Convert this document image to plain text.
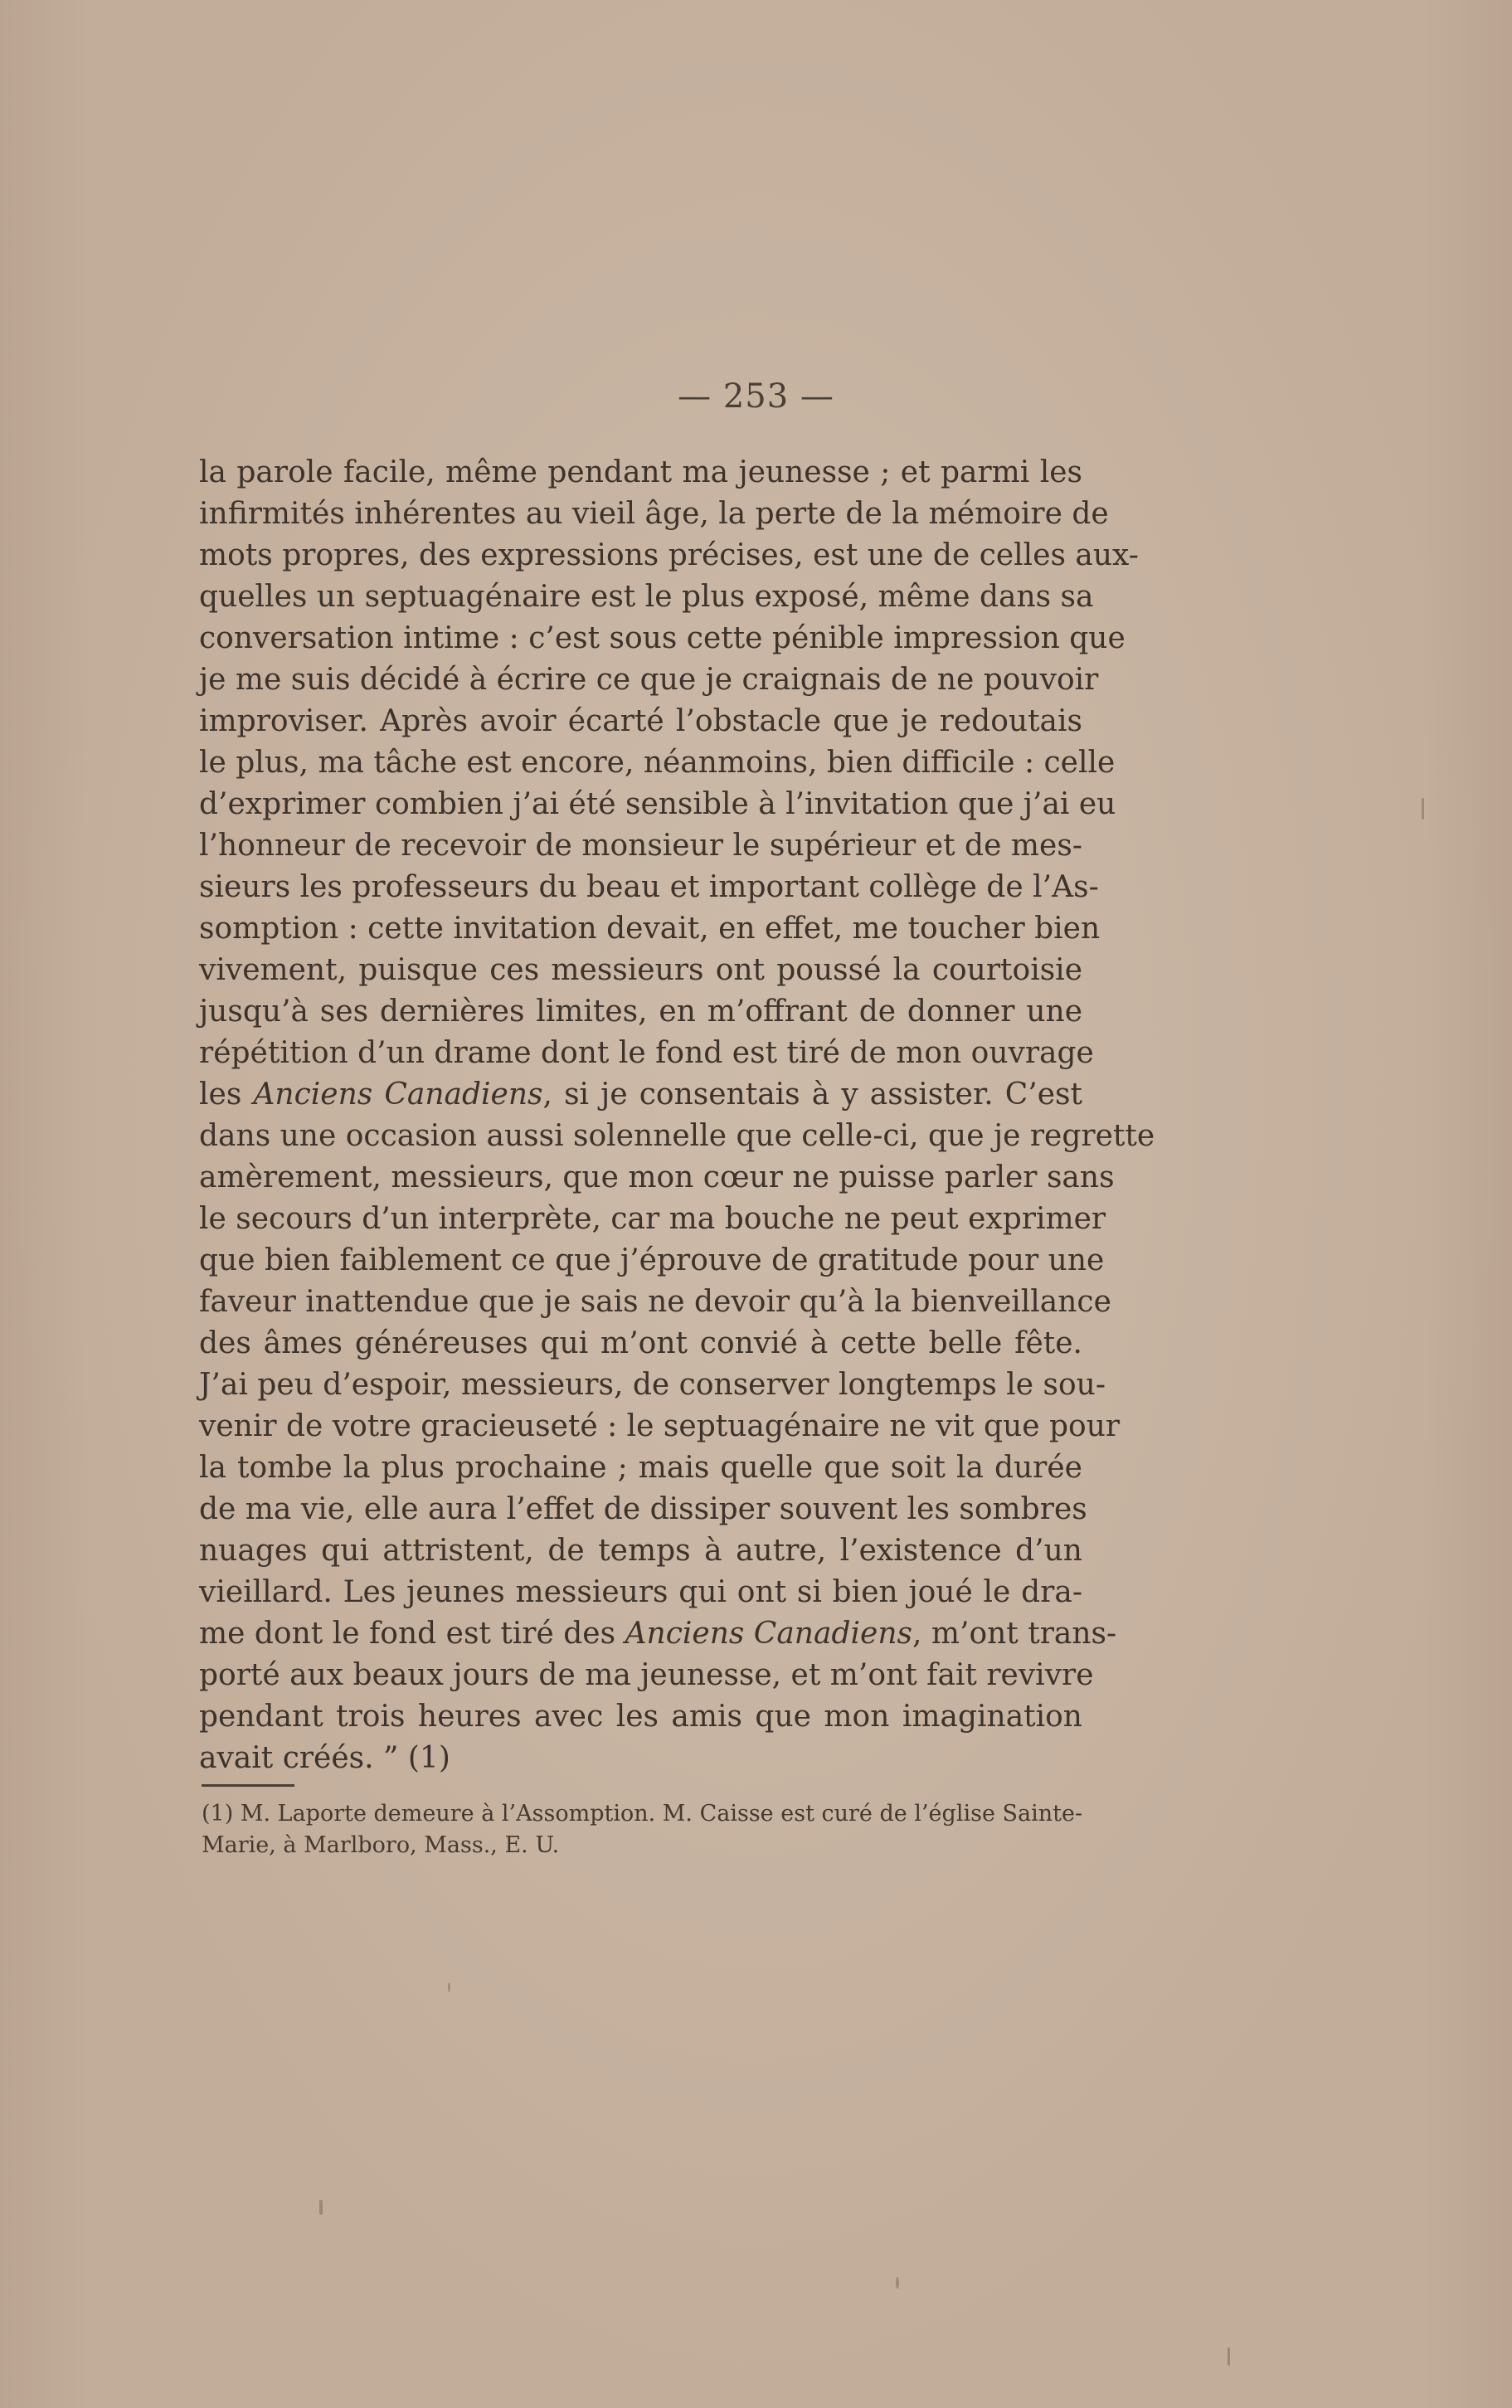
— 253 —
la parole facile, même pendant ma jeunesse ; et parmi les
infirmités inhérentes au vieil âge, la perte de la mémoire de
mots propres, des expressions précises, est une de celles aux-
quelles un septuagénaire est le plus exposé, même dans sa
conversation intime : c’est sous cette pénible impression que
je me suis décidé à écrire ce que je craignais de ne pouvoir
improviser. Après avoir écarté l’obstacle que je redoutais
le plus, ma tâche est encore, néanmoins, bien difficile : celle
d’exprimer combien j’ai été sensible à l’invitation que j’ai eu
l’honneur de recevoir de monsieur le supérieur et de mes-
sieurs les professeurs du beau et important collège de l’As-
somption : cette invitation devait, en effet, me toucher bien
vivement, puisque ces messieurs ont poussé la courtoisie
jusqu’à ses dernières limites, en m’offrant de donner une
répétition d’un drame dont le fond est tiré de mon ouvrage
les Anciens Canadiens, si je consentais à y assister. C’est
dans une occasion aussi solennelle que celle-ci, que je regrette
amèrement, messieurs, que mon cœur ne puisse parler sans
le secours d’un interprète, car ma bouche ne peut exprimer
que bien faiblement ce que j’éprouve de gratitude pour une
faveur inattendue que je sais ne devoir qu’à la bienveillance
des âmes généreuses qui m’ont convié à cette belle fête.
J’ai peu d’espoir, messieurs, de conserver longtemps le sou-
venir de votre gracieuseté : le septuagénaire ne vit que pour
la tombe la plus prochaine ; mais quelle que soit la durée
de ma vie, elle aura l’effet de dissiper souvent les sombres
nuages qui attristent, de temps à autre, l’existence d’un
vieillard. Les jeunes messieurs qui ont si bien joué le dra-
me dont le fond est tiré des Anciens Canadiens, m’ont trans-
porté aux beaux jours de ma jeunesse, et m’ont fait revivre
pendant trois heures avec les amis que mon imagination
avait créés. ” (1)
(1) M. Laporte demeure à l’Assomption. M. Caisse est curé de l’église Sainte-
Marie, à Marlboro, Mass., E. U.
